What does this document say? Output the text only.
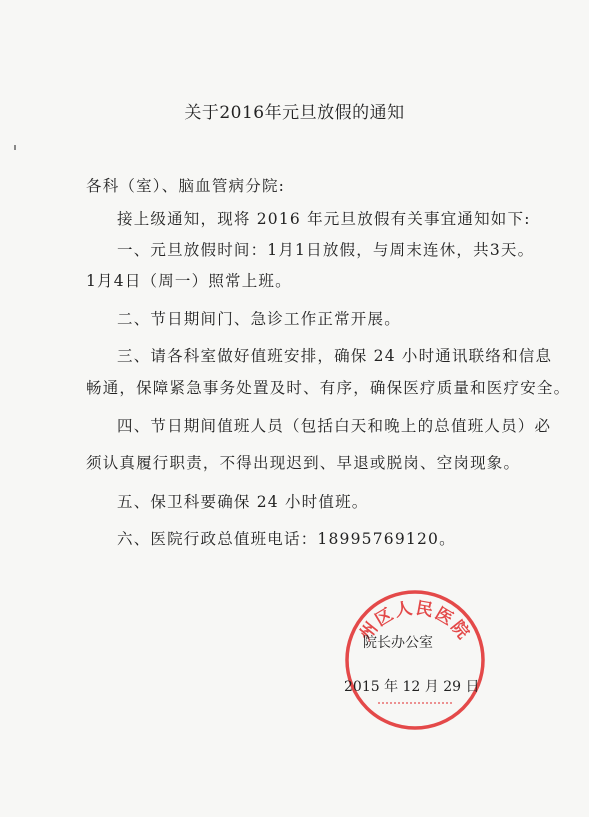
关于2016年元旦放假的通知
各科（室）、脑血管病分院:
接上级通知，现将 2016 年元旦放假有关事宜通知如下:
一、元旦放假时间：1月1日放假，与周末连休，共3天。
1月4日（周一）照常上班。
二、节日期间门、急诊工作正常开展。
三、请各科室做好值班安排，确保 24 小时通讯联络和信息
畅通，保障紧急事务处置及时、有序，确保医疗质量和医疗安全。
四、节日期间值班人员（包括白天和晚上的总值班人员）必
须认真履行职责，不得出现迟到、早退或脱岗、空岗现象。
五、保卫科要确保 24 小时值班。
六、医院行政总值班电话：18995769120。
州区人民医院
院长办公室
2015 年 12 月 29 日
